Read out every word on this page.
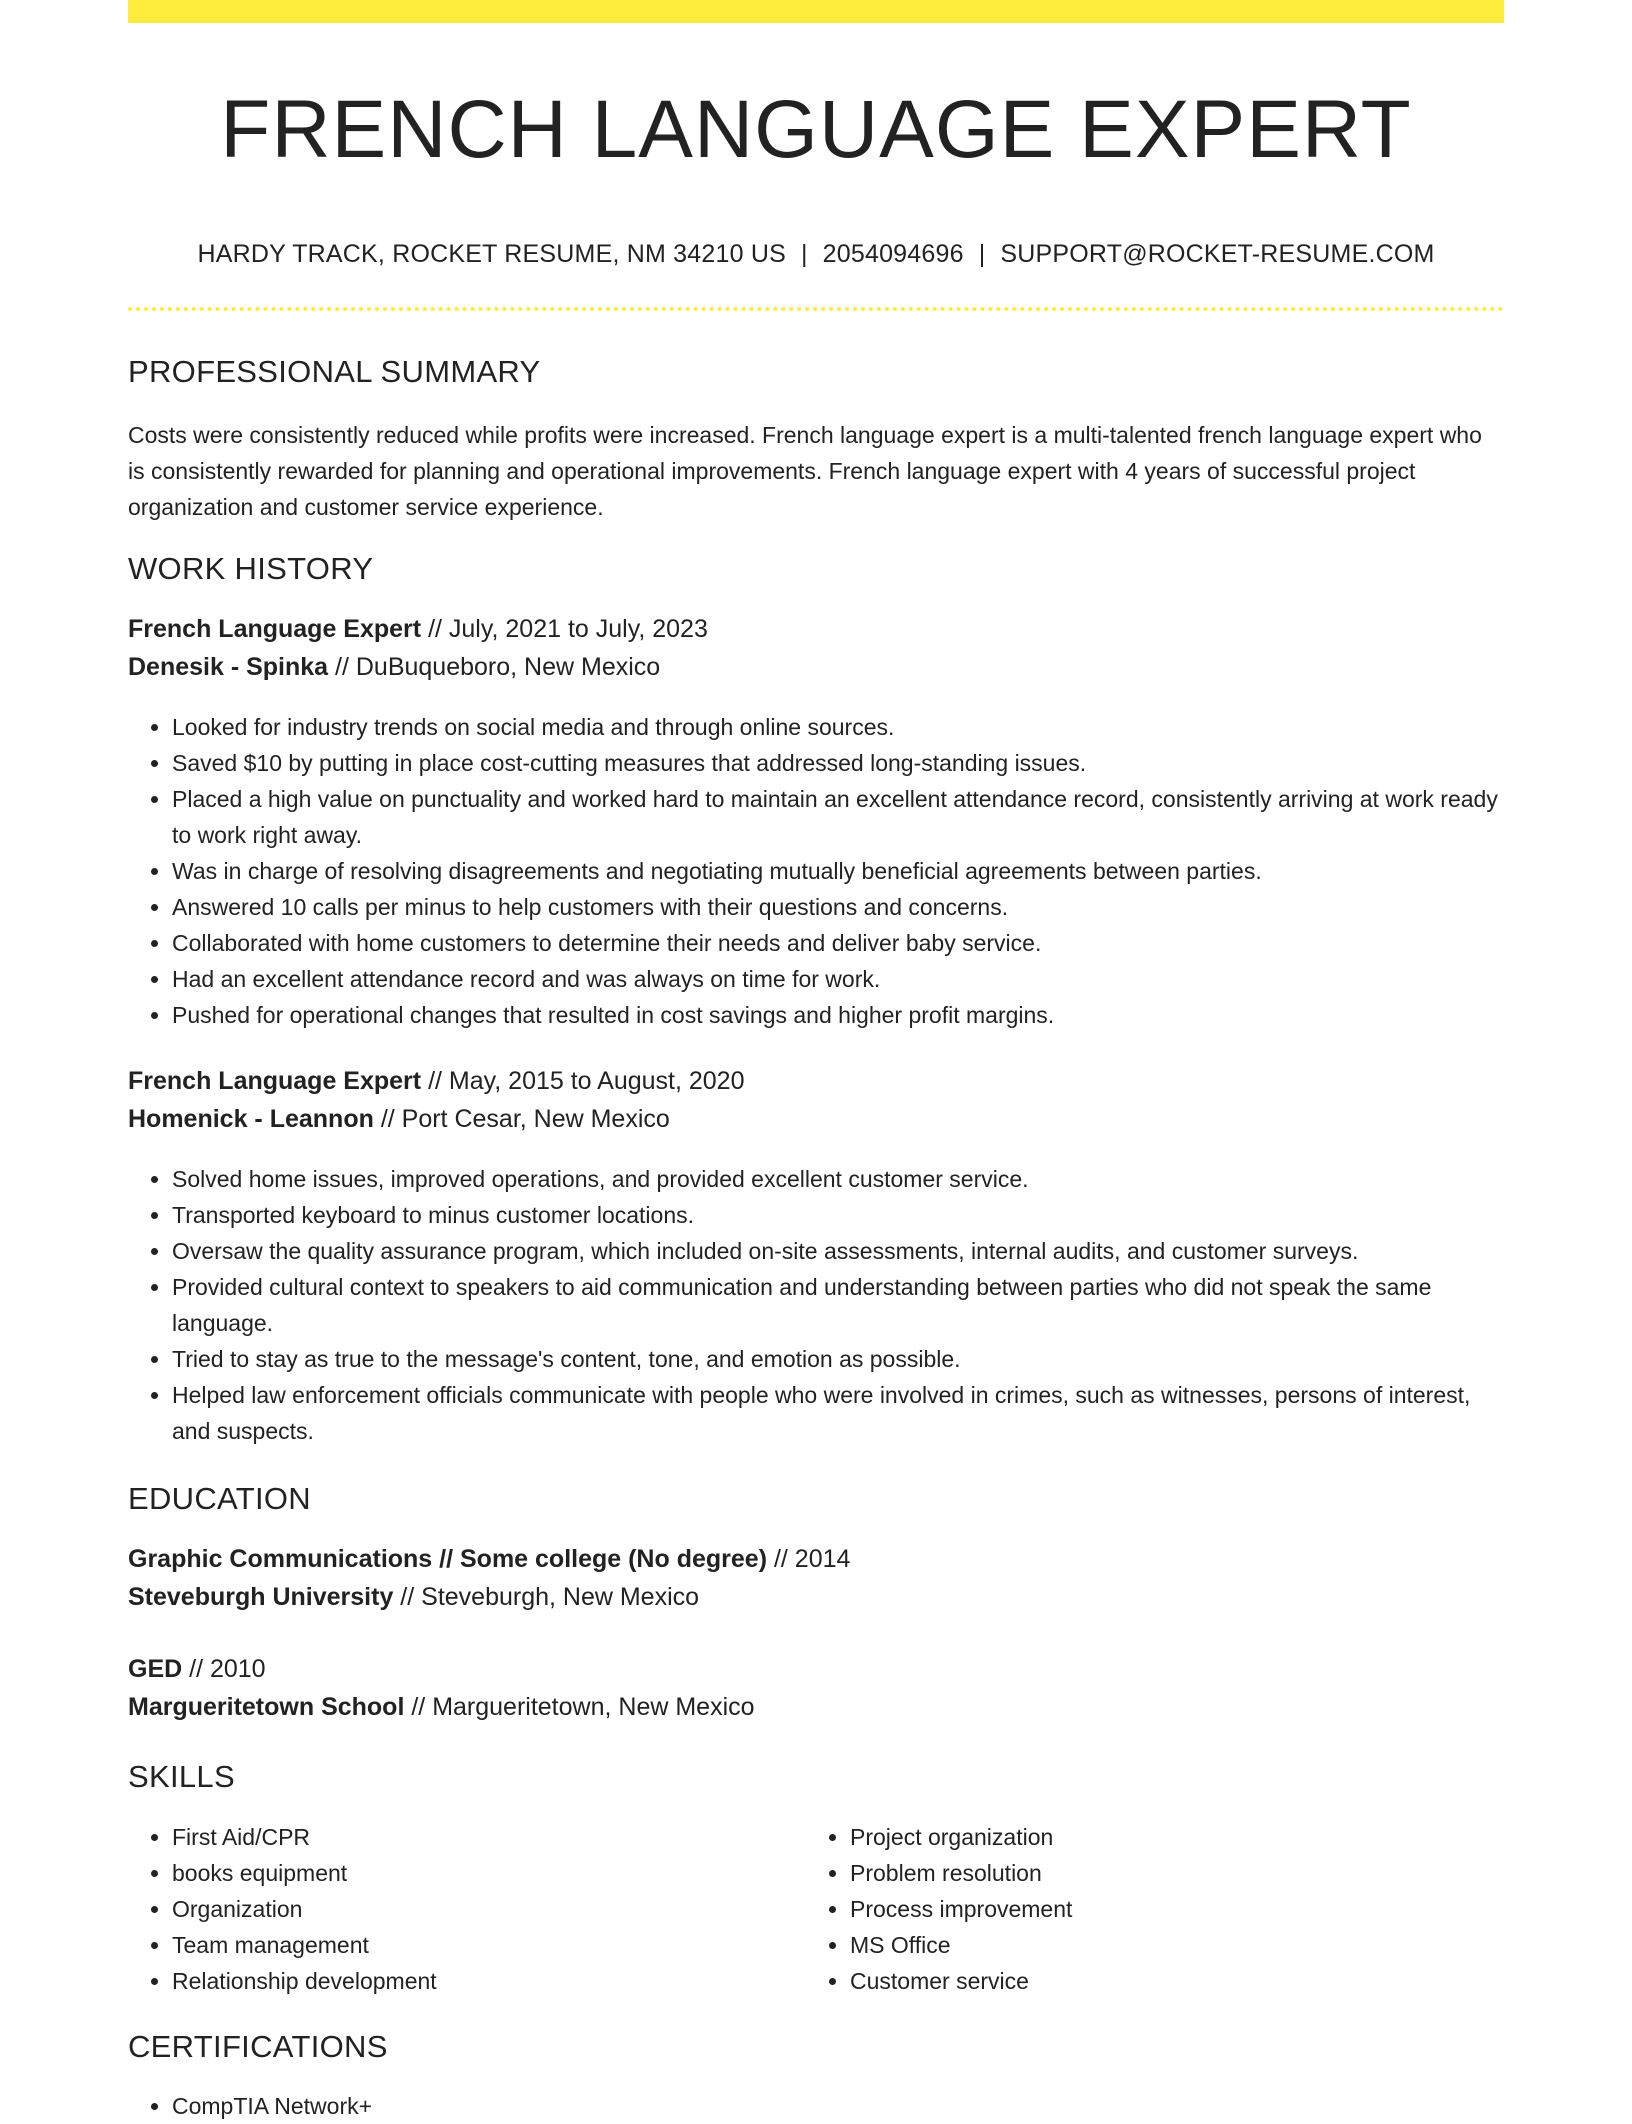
FRENCH LANGUAGE EXPERT
HARDY TRACK, ROCKET RESUME, NM 34210 US | 2054094696 | SUPPORT@ROCKET-RESUME.COM
PROFESSIONAL SUMMARY

Costs were consistently reduced while profits were increased. French language expert is a multi-talented french language expert who is consistently rewarded for planning and operational improvements. French language expert with 4 years of successful project organization and customer service experience.

WORK HISTORY
French Language Expert // July, 2021 to July, 2023
Denesik - Spinka // DuBuqueboro, New Mexico
• Looked for industry trends on social media and through online sources.
• Saved $10 by putting in place cost-cutting measures that addressed long-standing issues.
• Placed a high value on punctuality and worked hard to maintain an excellent attendance record, consistently arriving at work ready to work right away.
• Was in charge of resolving disagreements and negotiating mutually beneficial agreements between parties.
• Answered 10 calls per minus to help customers with their questions and concerns.
• Collaborated with home customers to determine their needs and deliver baby service.
• Had an excellent attendance record and was always on time for work.
• Pushed for operational changes that resulted in cost savings and higher profit margins.
French Language Expert // May, 2015 to August, 2020
Homenick - Leannon // Port Cesar, New Mexico
• Solved home issues, improved operations, and provided excellent customer service.
• Transported keyboard to minus customer locations.
• Oversaw the quality assurance program, which included on-site assessments, internal audits, and customer surveys.
• Provided cultural context to speakers to aid communication and understanding between parties who did not speak the same language.
• Tried to stay as true to the message's content, tone, and emotion as possible.
• Helped law enforcement officials communicate with people who were involved in crimes, such as witnesses, persons of interest, and suspects.
EDUCATION
Graphic Communications // Some college (No degree) // 2014
Steveburgh University // Steveburgh, New Mexico
GED // 2010
Margueritetown School // Margueritetown, New Mexico
SKILLS
• First Aid/CPR
• books equipment
• Organization
• Team management
• Relationship development
• Project organization
• Problem resolution
• Process improvement
• MS Office
• Customer service
CERTIFICATIONS
• CompTIA Network+
